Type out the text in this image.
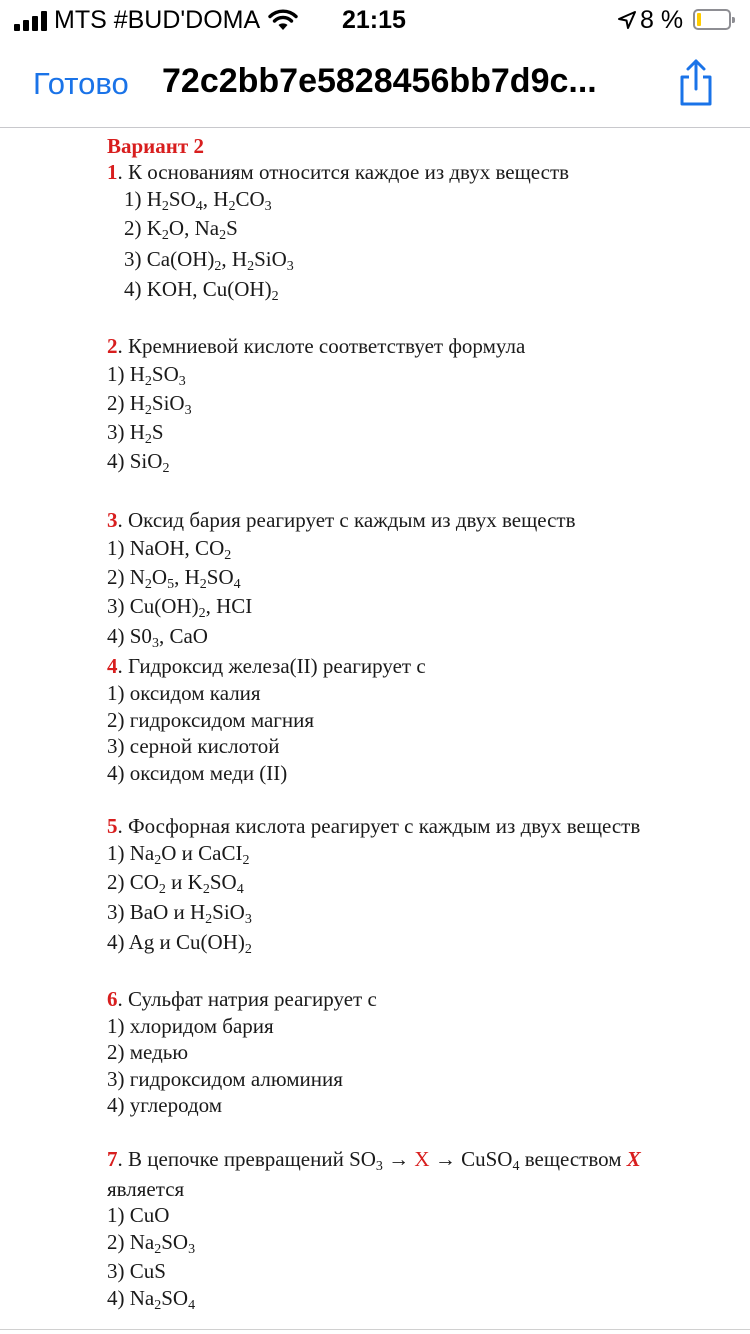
MTS #BUD'DOMA	21:15	8 %
Готово 72c2bb7e5828456bb7d9c...
Вариант 2
1. К основаниям относится каждое из двух веществ
1) $H_2SO_4$, $H_2CO_3$
2) $K_2O$, $Na_2S$
3) $Ca(OH)_2$, $H_2SiO_3$
4) KOH, $Cu(OH)_2$
2. Кремниевой кислоте соответствует формула
1) $H_2SO_3$
2) $H_2SiO_3$
3) $H_2S$
4) SiO$_2$
3. Оксид бария реагирует с каждым из двух веществ
1) NaOH, $CO_2$
2) $N_2O_5$, $H_2SO_4$
3) $Cu(OH)_2$, HCI
4) $S0_3$, CaO
4. Гидроксид железа(II) реагирует с
1) оксидом калия
2) гидроксидом магния
3) серной кислотой
4) оксидом меди (II)
5. Фосфорная кислота реагирует с каждым из двух веществ
1) $Na_2O$ и CaCI$_2$
2) $CO_2$ и $K_2SO_4$
3) BaO и $H_2SiO_3$
4) Ag и $Cu(OH)_2$
6. Сульфат натрия реагирует с
1) хлоридом бария
2) медью
3) гидроксидом алюминия
4) углеродом
7. В цепочке превращений $SO_3 \to X$ → CuSO$_4$ веществом X
является
1) CuO
2) $Na_2SO_3$
3) CuS
4) $Na_2SO_4$
